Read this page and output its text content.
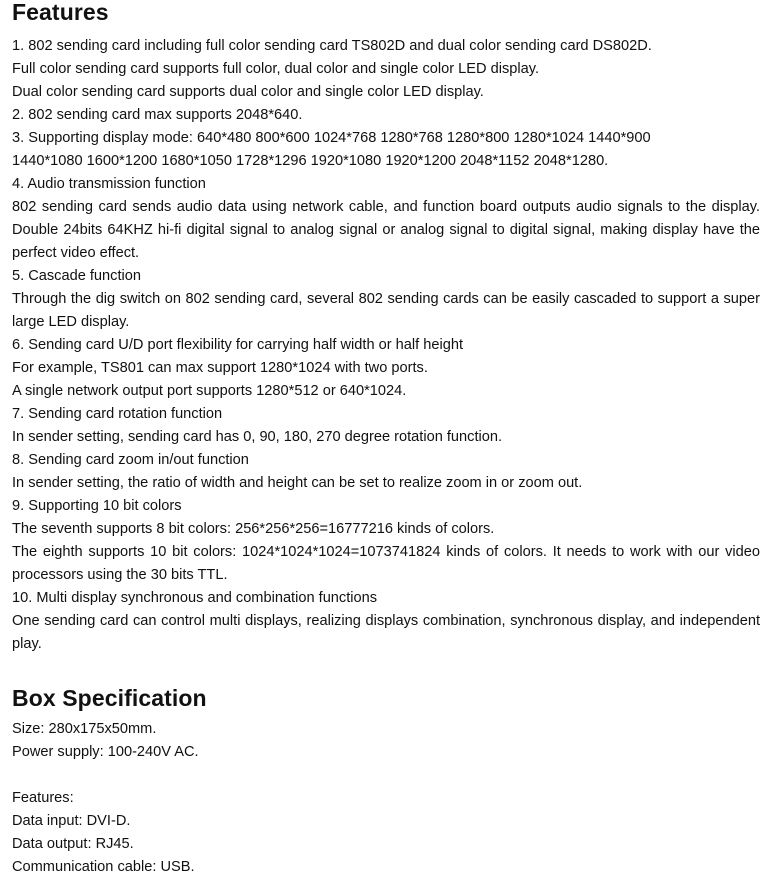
Features
1. 802 sending card including full color sending card TS802D and dual color sending card DS802D.
Full color sending card supports full color, dual color and single color LED display.
Dual color sending card supports dual color and single color LED display.
2. 802 sending card max supports 2048*640.
3. Supporting display mode: 640*480 800*600 1024*768 1280*768 1280*800 1280*1024 1440*900
1440*1080 1600*1200 1680*1050 1728*1296 1920*1080 1920*1200 2048*1152 2048*1280.
4. Audio transmission function
802 sending card sends audio data using network cable, and function board outputs audio signals to the display. Double 24bits 64KHZ hi-fi digital signal to analog signal or analog signal to digital signal, making display have the perfect video effect.
5. Cascade function
Through the dig switch on 802 sending card, several 802 sending cards can be easily cascaded to support a super large LED display.
6. Sending card U/D port flexibility for carrying half width or half height
For example, TS801 can max support 1280*1024 with two ports.
A single network output port supports 1280*512 or 640*1024.
7. Sending card rotation function
In sender setting, sending card has 0, 90, 180, 270 degree rotation function.
8. Sending card zoom in/out function
In sender setting, the ratio of width and height can be set to realize zoom in or zoom out.
9. Supporting 10 bit colors
The seventh supports 8 bit colors: 256*256*256=16777216 kinds of colors.
The eighth supports 10 bit colors: 1024*1024*1024=1073741824 kinds of colors. It needs to work with our video processors using the 30 bits TTL.
10. Multi display synchronous and combination functions
One sending card can control multi displays, realizing displays combination, synchronous display, and independent play.
Box Specification
Size: 280x175x50mm.
Power supply: 100-240V AC.
Features:
Data input: DVI-D.
Data output: RJ45.
Communication cable: USB.
